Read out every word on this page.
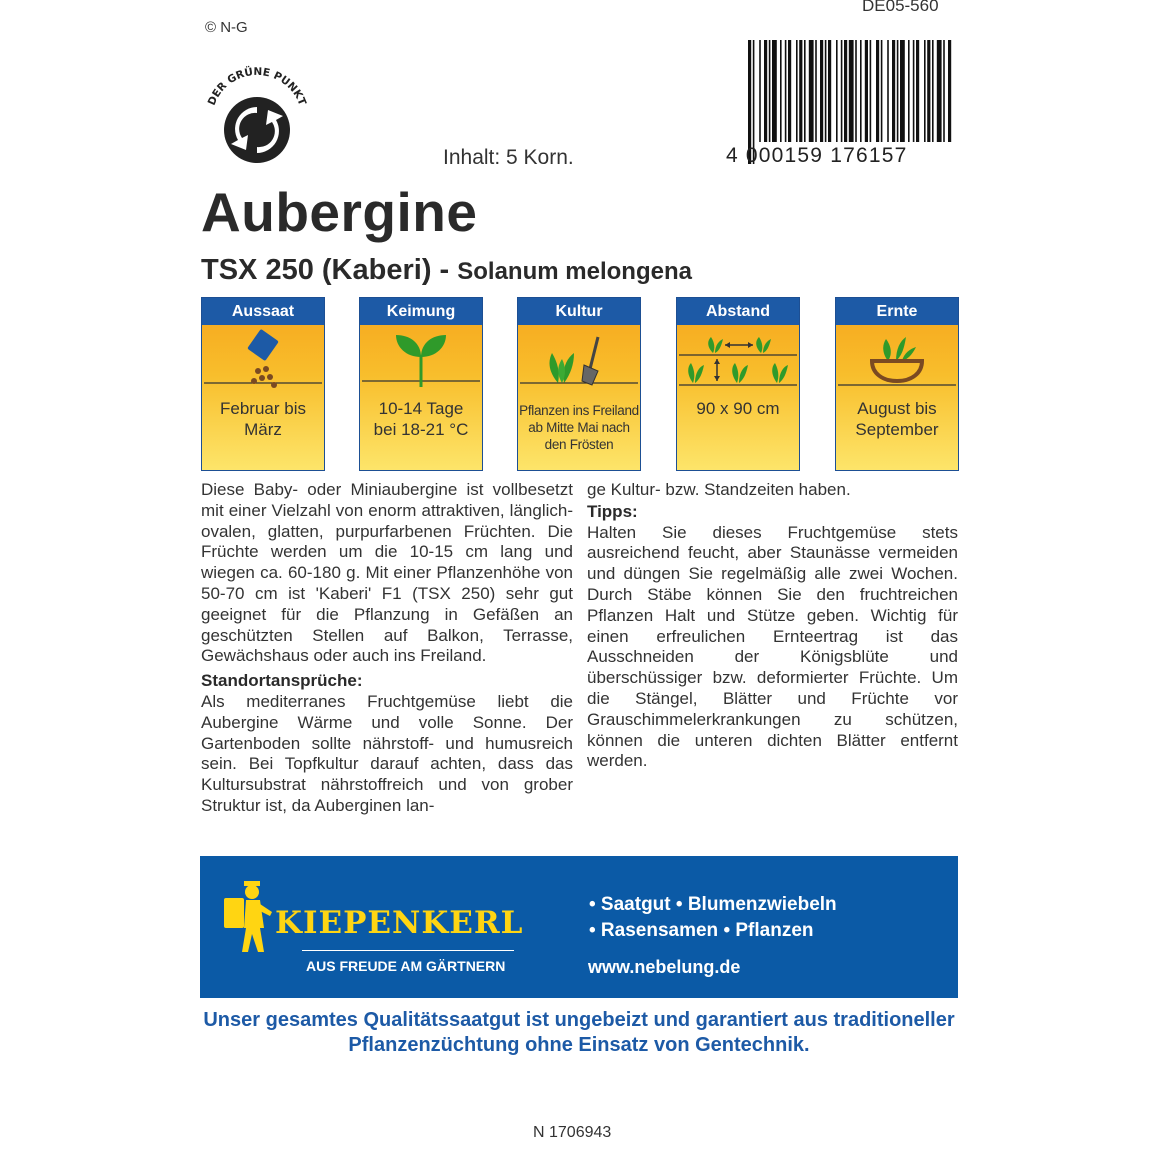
DE05-560
© N-G
DER GRÜNE PUNKT
Inhalt: 5 Korn.	4 000159 176157
Aubergine
TSX 250 (Kaberi) - Solanum melongena
Aussaat
Februar bis
März
Keimung
10-14 Tage
bei 18-21 °C
Kultur
Pflanzen ins Freiland ab Mitte Mai nach den Frösten
Abstand
90 x 90 cm
Ernte
August bis
September

Diese Baby- oder Miniaubergine ist vollbesetzt mit einer Vielzahl von enorm attraktiven, länglich-ovalen, glatten, purpurfarbenen Früchten. Die Früchte werden um die 10-15 cm lang und wiegen ca. 60-180 g. Mit einer Pflanzenhöhe von 50-70 cm ist 'Kaberi' F1 (TSX 250) sehr gut geeignet für die Pflanzung in Gefäßen an geschützten Stellen auf Balkon, Terrasse, Gewächshaus oder auch ins Freiland.

Standortansprüche:

Als mediterranes Fruchtgemüse liebt die Aubergine Wärme und volle Sonne. Der Gartenboden sollte nährstoff- und humusreich sein. Bei Topfkultur darauf achten, dass das Kultursubstrat nährstoffreich und von grober Struktur ist, da Auberginen lan-

ge Kultur- bzw. Standzeiten haben.

Tipps:

Halten Sie dieses Fruchtgemüse stets ausreichend feucht, aber Staunässe vermeiden und düngen Sie regelmäßig alle zwei Wochen. Durch Stäbe können Sie den fruchtreichen Pflanzen Halt und Stütze geben. Wichtig für einen erfreulichen Ernteertrag ist das Ausschneiden der Königsblüte und überschüssiger bzw. deformierter Früchte. Um die Stängel, Blätter und Früchte vor Grauschimmelerkrankungen zu schützen, können die unteren dichten Blätter entfernt werden.

KIEPENKERL
AUS FREUDE AM GÄRTNERN
• Saatgut • Blumenzwiebeln
• Rasensamen • Pflanzen
www.nebelung.de
Unser gesamtes Qualitätssaatgut ist ungebeizt und garantiert aus traditioneller Pflanzenzüchtung ohne Einsatz von Gentechnik.
N 1706943
